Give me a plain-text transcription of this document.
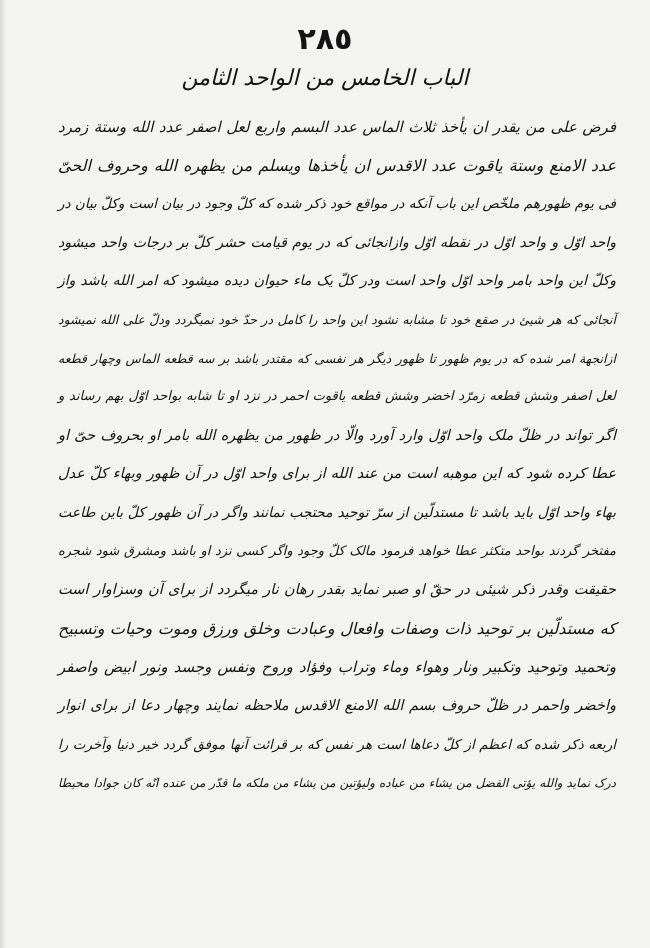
٢٨٥
الباب الخامس من الواحد الثامن
فرض علی من یقدر ان یأخذ ثلاث الماس عدد البسم واربع لعل اصفر عدد الله وستة زمرد
عدد الامنع وستة یاقوت عدد الاقدس ان یأخذها ویسلم من یظهره الله وحروف الحیّ
فی یوم ظهورهم ملخّص این باب آنکه در مواقع خود ذکر شده که کلّ وجود در بیان است وکلّ بیان در
واحد اوّل و واحد اوّل در نقطه اوّل وازانجائی که در یوم قیامت حشر کلّ بر درجات واحد میشود
وکلّ این واحد بامر واحد اوّل واحد است ودر کلّ یک ماء حیوان دیده میشود که امر الله باشد واز
آنجائی که هر شیئ در صقع خود تا مشابه نشود این واحد را کامل در حدّ خود نمیگردد ودلّ علی الله نمیشود
ازانجهة امر شده که در یوم ظهور تا ظهور دیگر هر نفسی که مقتدر باشد بر سه قطعه الماس وچهار قطعه
لعل اصفر وشش قطعه زمرّد اخضر وشش قطعه یاقوت احمر در نزد او تا شابه بواحد اوّل بهم رساند و
اگر تواند در ظلّ ملک واحد اوّل وارد آورد والّا در ظهور من یظهره الله بامر او بحروف حیّ او
عطا کرده شود که این موهبه است من عند الله از برای واحد اوّل در آن ظهور وبهاء کلّ عدل
بهاء واحد اوّل باید باشد تا مستدلّین از سرّ توحید محتجب نمانند واگر در آن ظهور کلّ باین طاعت
مفتخر گردند بواحد متکثر عطا خواهد فرمود مالک کلّ وجود واگر کسی نزد او باشد ومشرق شود شجره
حقیقت وقدر ذکر شیئی در حقّ او صبر نماید بقدر رهان نار میگردد از برای آن وسزاوار است
که مستدلّین بر توحید ذات وصفات وافعال وعبادت وخلق ورزق وموت وحیات وتسبیح
وتحمید وتوحید وتکبیر ونار وهواء وماء وتراب وفؤاد وروح ونفس وجسد ونور ابیض واصفر
واخضر واحمر در ظلّ حروف بسم الله الامنع الاقدس ملاحظه نمایند وچهار دعا از برای انوار
اربعه ذکر شده که اعظم از کلّ دعاها است هر نفس که بر قرائت آنها موفق گردد خیر دنیا وآخرت را
درک نماید والله یؤتی الفضل من یشاء من عباده ولیؤتین من یشاء من ملکه ما قدّر من عنده انّه کان جوادا محیطا
